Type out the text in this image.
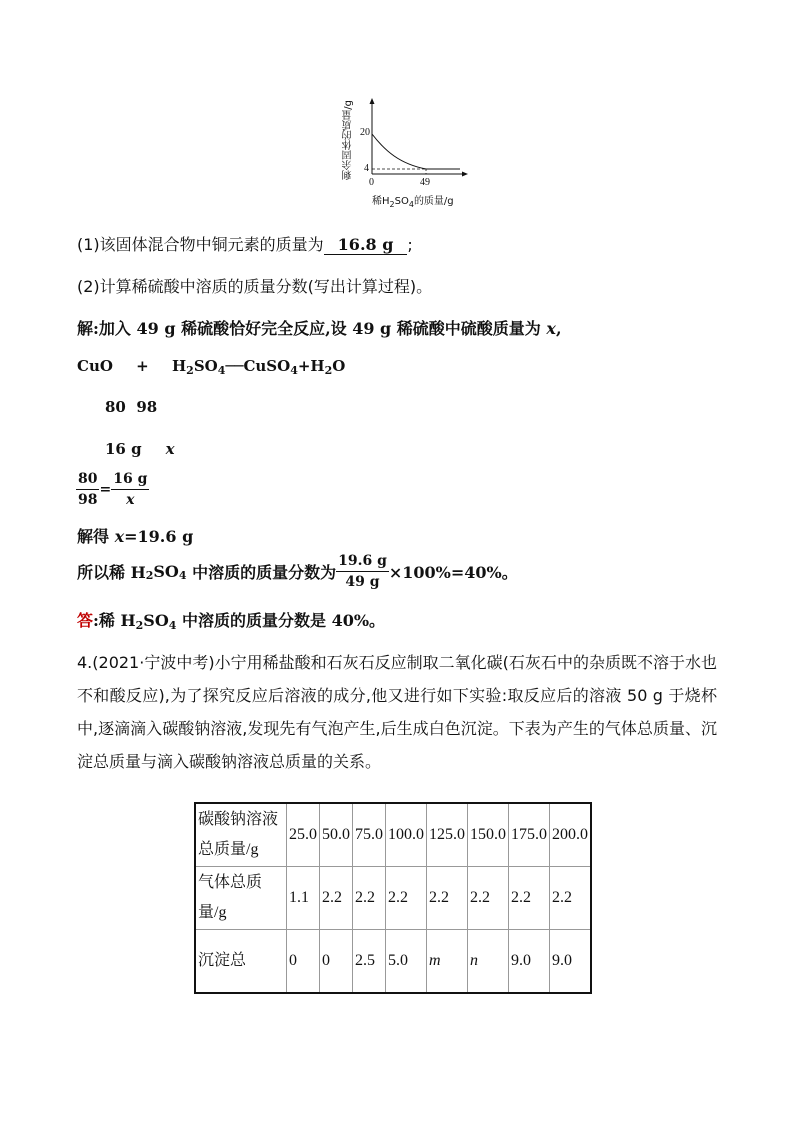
20
4
0	49
剩余固体的质量/g
稀$H_2SO_4$的质量/g
(1)该固体混合物中铜元素的质量为 16.8 g ;
(2)计算稀硫酸中溶质的质量分数(写出计算过程)。
解:加入 49 g 稀硫酸恰好完全反应,设 49 g 稀硫酸中硫酸质量为 x,
CuO + $H_2SO_4──CuSO_4+H_2O$
80  98
16 g x
$\frac{80}{98} = \frac{16 g}{x}$
解得 x=19.6 g
所以稀 $H_2SO_4$ 中溶质的质量分数为 $\frac{19.6 g}{49 g} \times 100\%=40\%$。
答:稀 $H_2SO_4$ 中溶质的质量分数是 40%。
4.(2021·宁波中考)小宁用稀盐酸和石灰石反应制取二氧化碳(石灰石中的杂质既不溶于水也不和酸反应),为了探究反应后溶液的成分,他又进行如下实验:取反应后的溶液 50 g 于烧杯中,逐滴滴入碳酸钠溶液,发现先有气泡产生,后生成白色沉淀。下表为产生的气体总质量、沉淀总质量与滴入碳酸钠溶液总质量的关系。
碳酸钠溶液总质量/g	25.0	50.0	75.0	100.0	125.0	150.0	175.0	200.0
气体总质量/g	1.1	2.2	2.2	2.2	2.2	2.2	2.2	2.2
沉淀总	0	0	2.5	5.0	m	n	9.0	9.0
